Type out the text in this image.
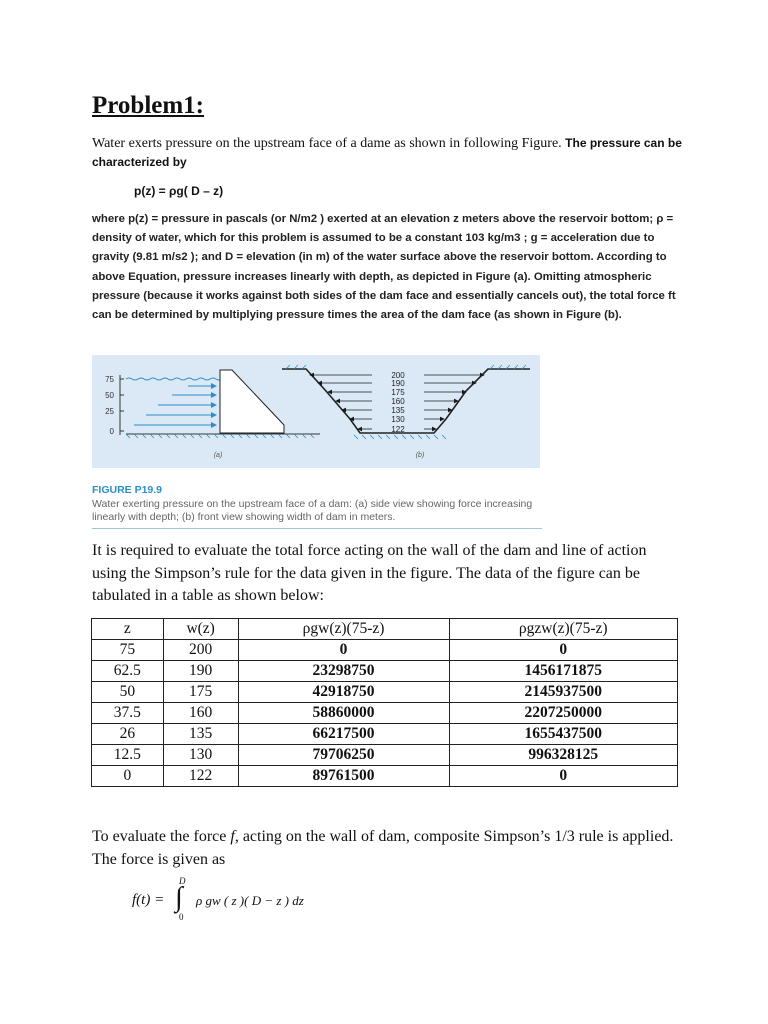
Problem1:
Water exerts pressure on the upstream face of a dame as shown in following Figure. The pressure can be characterized by
p(z) = ρg( D – z)
where p(z) = pressure in pascals (or N/m2 ) exerted at an elevation z meters above the reservoir bottom; ρ = density of water, which for this problem is assumed to be a constant 103 kg/m3 ; g = acceleration due to gravity (9.81 m/s2 ); and D = elevation (in m) of the water surface above the reservoir bottom. According to above Equation, pressure increases linearly with depth, as depicted in Figure (a). Omitting atmospheric pressure (because it works against both sides of the dam face and essentially cancels out), the total force ft can be determined by multiplying pressure times the area of the dam face (as shown in Figure (b).
75
50
25
0
(a)
200
190
175
160
135
130
122
(b)
FIGURE P19.9
Water exerting pressure on the upstream face of a dam: (a) side view showing force increasing linearly with depth; (b) front view showing width of dam in meters.
It is required to evaluate the total force acting on the wall of the dam and line of action using the Simpson’s rule for the data given in the figure. The data of the figure can be tabulated in a table as shown below:
z	w(z)	ρgw(z)(75-z)	ρgzw(z)(75-z)
75	200	0	0
62.5	190	23298750	1456171875
50	175	42918750	2145937500
37.5	160	58860000	2207250000
26	135	66217500	1655437500
12.5	130	79706250	996328125
0	122	89761500	0
To evaluate the force f, acting on the wall of dam, composite Simpson’s 1/3 rule is applied. The force is given as
f(t) =
D
∫
0
ρ gw ( z )( D − z ) dz
